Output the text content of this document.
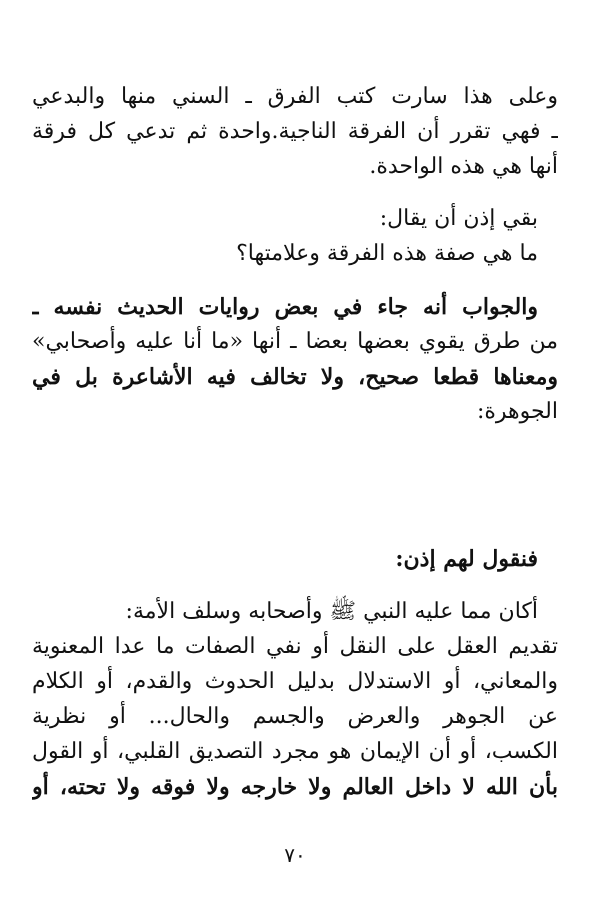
وعلى هذا سارت كتب الفرق ـ السني منها والبدعي
ـ فهي تقرر أن الفرقة الناجية.واحدة ثم تدعي كل فرقة
أنها هي هذه الواحدة.
بقي إذن أن يقال:
ما هي صفة هذه الفرقة وعلامتها؟
والجواب أنه جاء في بعض روايات الحديث نفسه ـ
من طرق يقوي بعضها بعضا ـ أنها «ما أنا عليه وأصحابي»
ومعناها قطعا صحيح، ولا تخالف فيه الأشاعرة بل في
الجوهرة:
فنقول لهم إذن:
أكان مما عليه النبي ﷺ وأصحابه وسلف الأمة:
تقديم العقل على النقل أو نفي الصفات ما عدا المعنوية
والمعاني، أو الاستدلال بدليل الحدوث والقدم، أو الكلام
عن الجوهر والعرض والجسم والحال... أو نظرية
الكسب، أو أن الإيمان هو مجرد التصديق القلبي، أو القول
بأن الله لا داخل العالم ولا خارجه ولا فوقه ولا تحته، أو
٧٠
